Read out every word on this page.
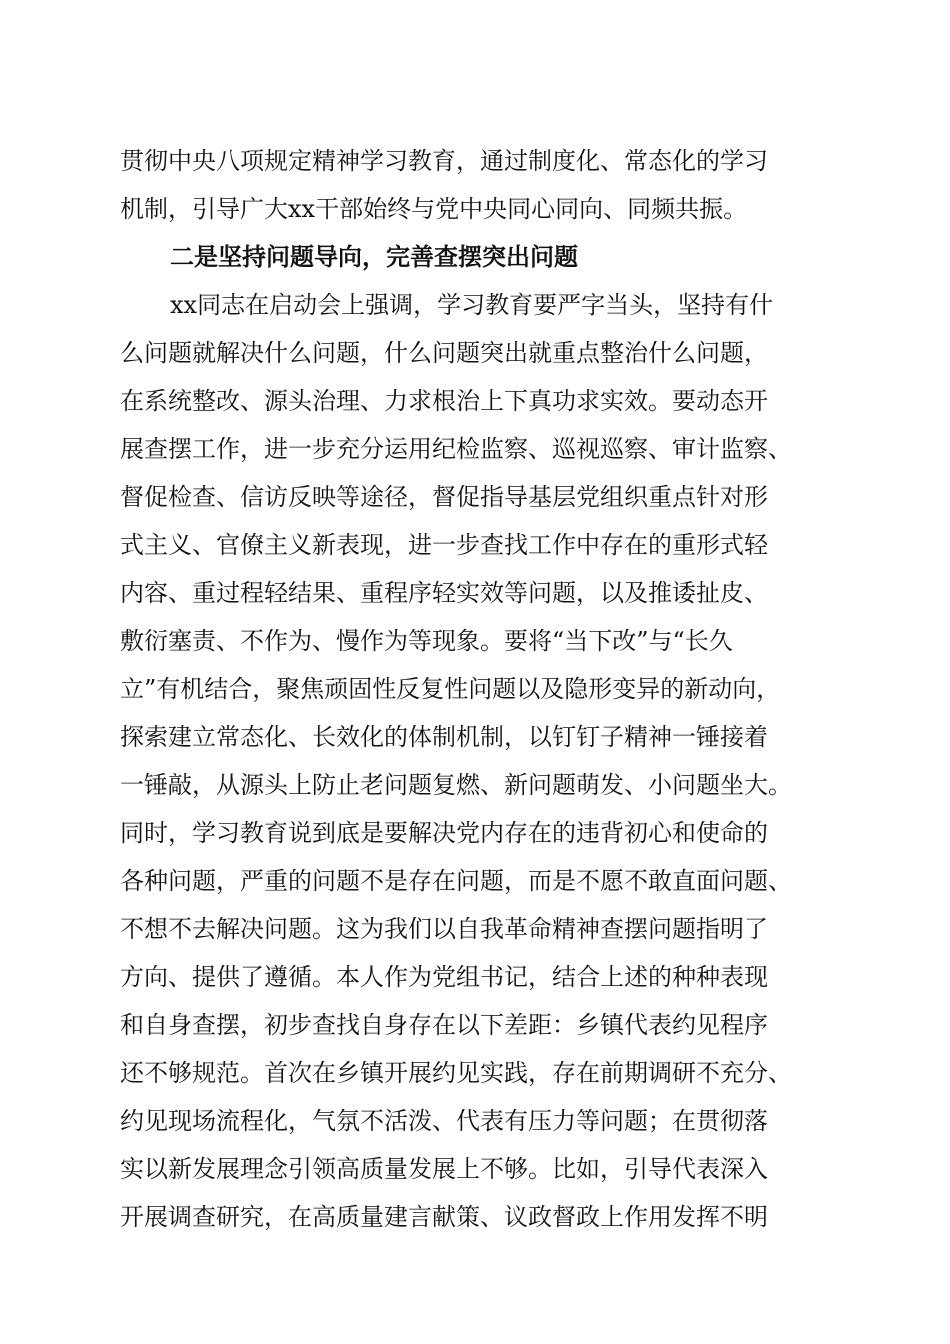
贯彻中央八项规定精神学习教育，通过制度化、常态化的学习
机制，引导广大xx干部始终与党中央同心同向、同频共振。
二是坚持问题导向，完善查摆突出问题
xx同志在启动会上强调，学习教育要严字当头，坚持有什
么问题就解决什么问题，什么问题突出就重点整治什么问题，
在系统整改、源头治理、力求根治上下真功求实效。要动态开
展查摆工作，进一步充分运用纪检监察、巡视巡察、审计监察、
督促检查、信访反映等途径，督促指导基层党组织重点针对形
式主义、官僚主义新表现，进一步查找工作中存在的重形式轻
内容、重过程轻结果、重程序轻实效等问题，以及推诿扯皮、
敷衍塞责、不作为、慢作为等现象。要将“当下改”与“长久
立”有机结合，聚焦顽固性反复性问题以及隐形变异的新动向，
探索建立常态化、长效化的体制机制，以钉钉子精神一锤接着
一锤敲，从源头上防止老问题复燃、新问题萌发、小问题坐大。
同时，学习教育说到底是要解决党内存在的违背初心和使命的
各种问题，严重的问题不是存在问题，而是不愿不敢直面问题、
不想不去解决问题。这为我们以自我革命精神查摆问题指明了
方向、提供了遵循。本人作为党组书记，结合上述的种种表现
和自身查摆，初步查找自身存在以下差距：乡镇代表约见程序
还不够规范。首次在乡镇开展约见实践，存在前期调研不充分、
约见现场流程化，气氛不活泼、代表有压力等问题；在贯彻落
实以新发展理念引领高质量发展上不够。比如，引导代表深入
开展调查研究，在高质量建言献策、议政督政上作用发挥不明
